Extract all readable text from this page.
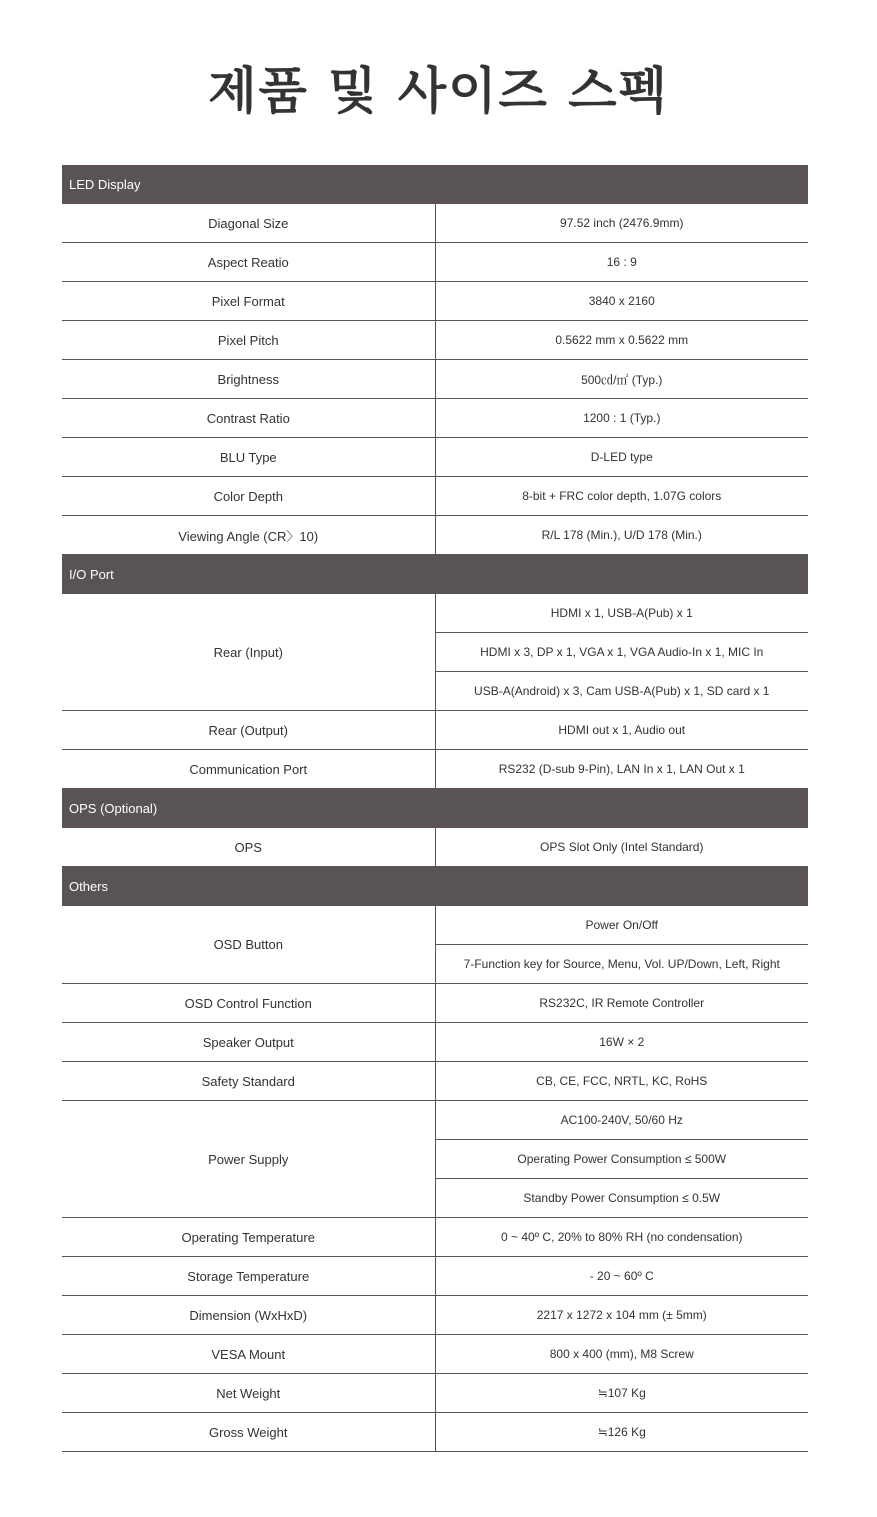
제품 및 사이즈 스펙
LED Display	
Diagonal Size	97.52 inch (2476.9mm)
Aspect Reatio	16 : 9
Pixel Format	3840 x 2160
Pixel Pitch	0.5622 mm x 0.5622 mm
Brightness	500㏅/㎡ (Typ.)
Contrast Ratio	1200 : 1 (Typ.)
BLU Type	D-LED type
Color Depth	8-bit + FRC color depth, 1.07G colors
Viewing Angle (CR〉10)	R/L 178 (Min.), U/D 178 (Min.)
I/O Port	
Rear (Input)	HDMI x 1, USB-A(Pub) x 1
	HDMI x 3, DP x 1, VGA x 1, VGA Audio-In x 1, MIC In
	USB-A(Android) x 3, Cam USB-A(Pub) x 1, SD card x 1
Rear (Output)	HDMI out x 1, Audio out
Communication Port	RS232 (D-sub 9-Pin), LAN In x 1, LAN Out x 1
OPS (Optional)	
OPS	OPS Slot Only (Intel Standard)
Others	
OSD Button	Power On/Off
	7-Function key for Source, Menu, Vol. UP/Down, Left, Right
OSD Control Function	RS232C, IR Remote Controller
Speaker Output	16W × 2
Safety Standard	CB, CE, FCC, NRTL, KC, RoHS
Power Supply	AC100-240V, 50/60 Hz
	Operating Power Consumption ≤ 500W
	Standby Power Consumption ≤ 0.5W
Operating Temperature	0 ~ 40º C, 20% to 80% RH (no condensation)
Storage Temperature	- 20 ~ 60º C
Dimension (WxHxD)	2217 x 1272 x 104 mm (± 5mm)
VESA Mount	800 x 400 (mm), M8 Screw
Net Weight	≒107 Kg
Gross Weight	≒126 Kg
